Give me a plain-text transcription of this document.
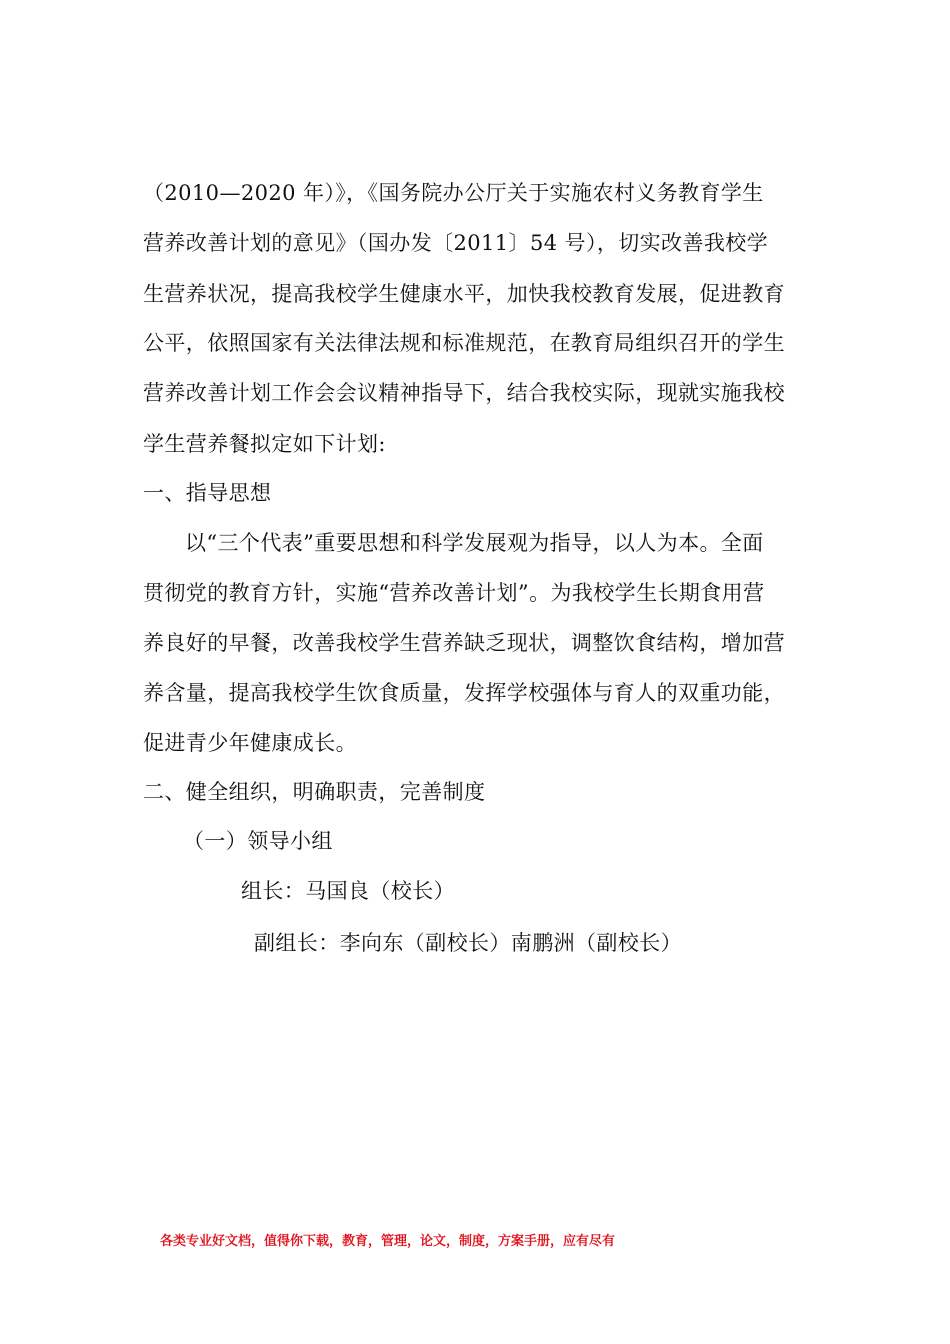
（2010—2020 年）》，《国务院办公厅关于实施农村义务教育学生
营养改善计划的意见》（国办发〔2011〕54 号），切实改善我校学
生营养状况，提高我校学生健康水平，加快我校教育发展，促进教育
公平，依照国家有关法律法规和标准规范，在教育局组织召开的学生
营养改善计划工作会会议精神指导下，结合我校实际，现就实施我校
学生营养餐拟定如下计划:
一、指导思想
以“三个代表”重要思想和科学发展观为指导，以人为本。全面
贯彻党的教育方针，实施“营养改善计划”。为我校学生长期食用营
养良好的早餐，改善我校学生营养缺乏现状，调整饮食结构，增加营
养含量，提高我校学生饮食质量，发挥学校强体与育人的双重功能，
促进青少年健康成长。
二、健全组织，明确职责，完善制度
（一）领导小组
组长：马国良（校长）
副组长：李向东（副校长）南鹏洲（副校长）
各类专业好文档，值得你下载，教育，管理，论文，制度，方案手册，应有尽有
